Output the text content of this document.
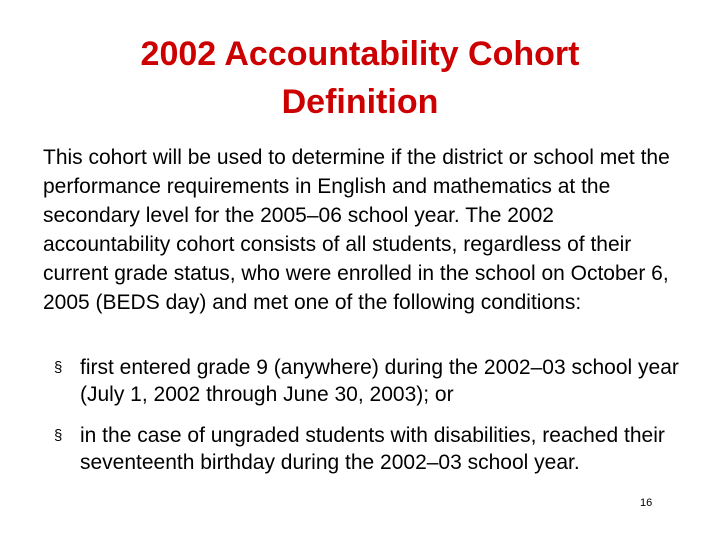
2002 Accountability Cohort
Definition

This cohort will be used to determine if the district or school met the performance requirements in English and mathematics at the secondary level for the 2005–06 school year. The 2002 accountability cohort consists of all students, regardless of their current grade status, who were enrolled in the school on October 6, 2005 (BEDS day) and met one of the following conditions:

§
first entered grade 9 (anywhere) during the 2002–03 school year (July 1, 2002 through June 30, 2003); or
§
in the case of ungraded students with disabilities, reached their seventeenth birthday during the 2002–03 school year.
16
